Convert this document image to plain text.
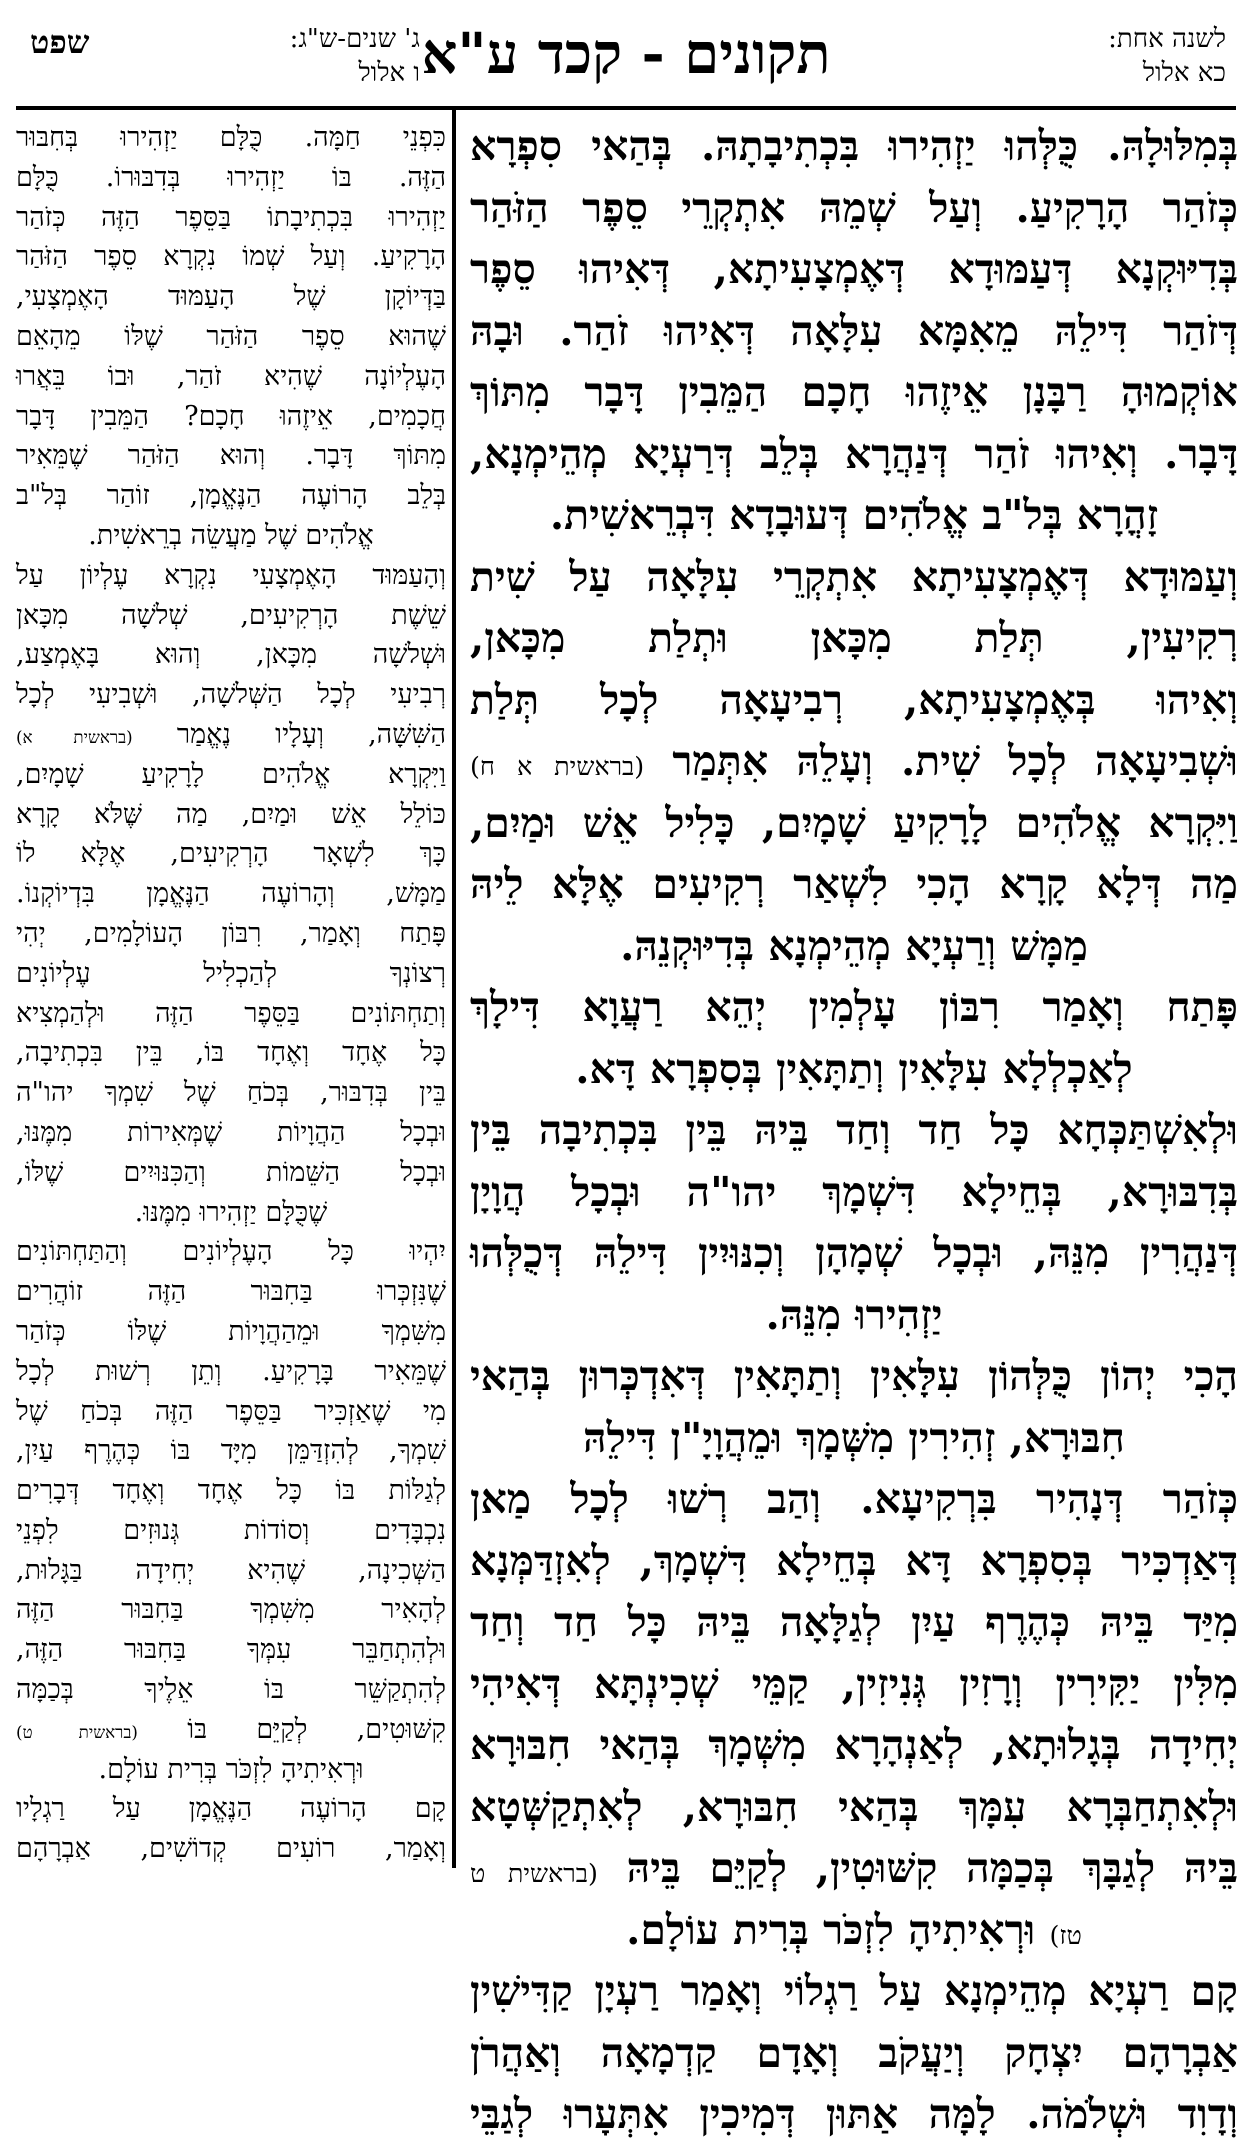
לשנה אחת:
כא אלול
תקונים - קכד ע"א
ג' שנים-ש"ג:
ו אלול
שפט
בְּמִלּוּלָהּ. כֻּלְּהוּ יַזְהִירוּ בִּכְתִיבָתָהּ. בְּהַאי סִפְרָא
כְּזֹהַר הָרָקִיעַ. וְעַל שְׁמֵהּ אִתְקְרֵי סֵפֶר הַזֹּהַר
בְּדִיּוּקְנָא דְּעַמּוּדָא דְּאֶמְצָעִיתָא, דְּאִיהוּ סֵפֶר
דְּזֹהַר דִּילֵהּ מֵאִמָּא עִלָּאָה דְּאִיהוּ זֹהַר. וּבָהּ
אוֹקְמוּהָ רַבָּנָן אֵיזֶהוּ חָכָם הַמֵּבִין דָּבָר מִתּוֹךְ
דָּבָר. וְאִיהוּ זֹהַר דְּנַהֲרָא בְּלֵב דְּרַעְיָא מְהֵימְנָא,
זָהֳרָא בְּל"ב אֱלֹהִים דְּעוּבָדָא דִּבְרֵאשִׁית.
וְעַמּוּדָא דְּאֶמְצָעִיתָא אִתְקְרֵי עִלָּאָה עַל שִׁית
רְקִיעִין, תְּלַת מִכָּאן וּתְלַת מִכָּאן,
וְאִיהוּ בְּאֶמְצָעִיתָא, רְבִיעָאָה לְכָל תְּלַת
וּשְׁבִיעָאָה לְכָל שִׁית. וְעָלֵהּ אִתְּמַר (בראשית א ח)
וַיִּקְרָא אֱלֹהִים לָרָקִיעַ שָׁמָיִם, כָּלִיל אֵשׁ וּמַיִם,
מַה דְּלָא קָרָא הָכִי לִשְׁאַר רְקִיעִים אֶלָּא לֵיהּ
מַמָּשׁ וְרַעְיָא מְהֵימְנָא בְּדִיּוּקְנֵהּ.
פָּתַח וְאָמַר רִבּוֹן עָלְמִין יְהֵא רַעֲוָא דִּילָךְ
לְאַכְלְלָא עִלָּאִין וְתַתָּאִין בְּסִפְרָא דָּא.
וּלְאִשְׁתַּכְּחָא כָּל חַד וְחַד בֵּיהּ בֵּין בִּכְתִיבָה בֵּין
בְּדִבּוּרָא, בְּחֵילָא דִּשְׁמָךְ יהו"ה וּבְכָל הֲוָיָן
דְּנַהֲרִין מִנֵּהּ, וּבְכָל שְׁמָהָן וְכִנּוּיִין דִּילֵהּ דְּכֻלְּהוּ
יַזְהִירוּ מִנֵּהּ.
הָכִי יְהוֹן כֻּלְּהוֹן עִלָּאִין וְתַתָּאִין דְּאִדְכְּרוּן בְּהַאי
חִבּוּרָא, זְהִירִין מִשְּׁמָךְ וּמֵהֲוָיָ"ן דִּילֵהּ
כְּזֹהַר דְּנָהִיר בִּרְקִיעָא. וְהַב רְשׁוּ לְכָל מַאן
דְּאַדְכִּיר בְּסִפְרָא דָּא בְּחֵילָא דִּשְׁמָךְ, לְאִזְדַּמְּנָא
מִיַּד בֵּיהּ כְּהֶרֶף עַיִן לְגַלָּאָה בֵּיהּ כָּל חַד וְחַד
מִלִּין יַקִּירִין וְרָזִין גְּנִיזִין, קַמֵּי שְׁכִינְתָּא דְּאִיהִי
יְחִידָה בְּגָלוּתָא, לְאַנְהָרָא מִשְּׁמָךְ בְּהַאי חִבּוּרָא
וּלְאִתְחַבְּרָא עִמָּךְ בְּהַאי חִבּוּרָא, לְאִתְקַשְּׁטָא
בֵּיהּ לְגַבָּךְ בְּכַמָּה קִשּׁוּטִין, לְקַיֵּם בֵּיהּ (בראשית ט
טז) וּרְאִיתִיהָ לִזְכֹּר בְּרִית עוֹלָם.
קָם רַעְיָא מְהֵימְנָא עַל רַגְלוֹי וְאָמַר רַעְיָן קַדִּישִׁין
אַבְרָהָם יִצְחָק וְיַעֲקֹב וְאָדָם קַדְמָאָה וְאַהֲרֹן
וְדָוִד וּשְׁלֹמֹה. לָמָּה אַתּוּן דְּמִיכִין אִתְּעָרוּ לְגַבֵּי
כִּפְנֵי חַמָּה. כֻּלָּם יַזְהִירוּ בְּחִבּוּר
הַזֶּה. בּוֹ יַזְהִירוּ בְּדִבּוּרוֹ. כֻּלָּם
יַזְהִירוּ בִּכְתִיבָתוֹ בַּסֵּפֶר הַזֶּה כְּזֹהַר
הָרָקִיעַ. וְעַל שְׁמוֹ נִקְרָא סֵפֶר הַזֹּהַר
בַּדְּיוֹקָן שֶׁל הָעַמּוּד הָאֶמְצָעִי,
שֶׁהוּא סֵפֶר הַזֹּהַר שֶׁלּוֹ מֵהָאֵם
הָעֶלְיוֹנָה שֶׁהִיא זֹהַר, וּבוֹ בֵּאֲרוּ
חֲכָמִים, אֵיזֶהוּ חָכָם? הַמֵּבִין דָּבָר
מִתּוֹךְ דָּבָר. וְהוּא הַזֹּהַר שֶׁמֵּאִיר
בְּלֵב הָרוֹעֶה הַנֶּאֱמָן, זוֹהַר בְּל"ב
אֱלֹהִים שֶׁל מַעֲשֵׂה בְרֵאשִׁית.
וְהָעַמּוּד הָאֶמְצָעִי נִקְרָא עֶלְיוֹן עַל
שֵׁשֶׁת הָרְקִיעִים, שְׁלשָׁה מִכָּאן
וּשְׁלשָׁה מִכָּאן, וְהוּא בָּאֶמְצַע,
רְבִיעִי לְכָל הַשְּׁלשָׁה, וּשְׁבִיעִי לְכָל
הַשִּׁשָּׁה, וְעָלָיו נֶאֱמַר (בראשית א)
וַיִּקְרָא אֱלֹהִים לָרָקִיעַ שָׁמָיִם,
כּוֹלֵל אֵשׁ וּמַיִם, מַה שֶּׁלֹּא קָרָא
כָּךְ לִשְׁאָר הָרְקִיעִים, אֶלָּא לוֹ
מַמָּשׁ, וְהָרוֹעֶה הַנֶּאֱמָן בִּדְיוֹקְנוֹ.
פָּתַח וְאָמַר, רִבּוֹן הָעוֹלָמִים, יְהִי
רְצוֹנְךָ לְהַכְלִיל עֶלְיוֹנִים
וְתַחְתּוֹנִים בַּסֵּפֶר הַזֶּה וּלְהַמְצִיא
כָּל אֶחָד וְאֶחָד בּוֹ, בֵּין בִּכְתִיבָה,
בֵּין בְּדִבּוּר, בְּכֹחַ שֶׁל שִׁמְךָ יהו"ה
וּבְכָל הַהֲוָיוֹת שֶׁמְּאִירוֹת מִמֶּנּוּ,
וּבְכָל הַשֵּׁמוֹת וְהַכִּנּוּיִים שֶׁלּוֹ,
שֶׁכֻּלָּם יַזְהִירוּ מִמֶּנּוּ.
יִהְיוּ כָּל הָעֶלְיוֹנִים וְהַתַּחְתּוֹנִים
שֶׁנִּזְכְּרוּ בַּחִבּוּר הַזֶּה זוֹהֲרִים
מִשִּׁמְךָ וּמֵהַהֲוָיוֹת שֶׁלּוֹ כְּזֹהַר
שֶׁמֵּאִיר בָּרָקִיעַ. וְתֵן רְשׁוּת לְכָל
מִי שֶׁאַזְכִּיר בַּסֵּפֶר הַזֶּה בְּכֹחַ שֶׁל
שִׁמְךָ, לְהִזְדַּמֵּן מִיָּד בּוֹ כְּהֶרֶף עַיִן,
לְגַלּוֹת בּוֹ כָּל אֶחָד וְאֶחָד דְּבָרִים
נִכְבָּדִים וְסוֹדוֹת גְּנוּזִים לִפְנֵי
הַשְּׁכִינָה, שֶׁהִיא יְחִידָה בַּגָּלוּת,
לְהָאִיר מִשִּׁמְךָ בַּחִבּוּר הַזֶּה
וּלְהִתְחַבֵּר עִמְּךָ בַּחִבּוּר הַזֶּה,
לְהִתְקַשֵּׁר בּוֹ אֵלֶיךָ בְּכַמָּה
קִשּׁוּטִים, לְקַיֵּם בּוֹ (בראשית ט)
וּרְאִיתִיהָ לִזְכֹּר בְּרִית עוֹלָם.
קָם הָרוֹעֶה הַנֶּאֱמָן עַל רַגְלָיו
וְאָמַר, רוֹעִים קְדוֹשִׁים, אַבְרָהָם
